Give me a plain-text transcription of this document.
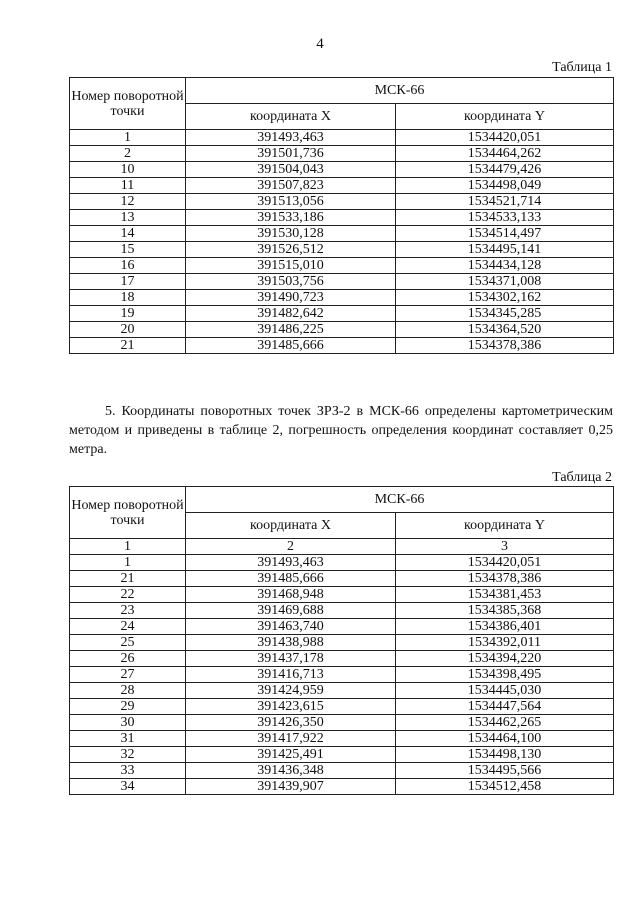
4
Таблица 1
Номер поворотной точки	МСК-66	
	координата X	координата Y
1	391493,463	1534420,051
2	391501,736	1534464,262
10	391504,043	1534479,426
11	391507,823	1534498,049
12	391513,056	1534521,714
13	391533,186	1534533,133
14	391530,128	1534514,497
15	391526,512	1534495,141
16	391515,010	1534434,128
17	391503,756	1534371,008
18	391490,723	1534302,162
19	391482,642	1534345,285
20	391486,225	1534364,520
21	391485,666	1534378,386
5. Координаты поворотных точек ЗРЗ-2 в МСК-66 определены картометрическим методом и приведены в таблице 2, погрешность определения координат составляет 0,25 метра.
Таблица 2
Номер поворотной точки	МСК-66	
	координата X	координата Y
1	2	3
1	391493,463	1534420,051
21	391485,666	1534378,386
22	391468,948	1534381,453
23	391469,688	1534385,368
24	391463,740	1534386,401
25	391438,988	1534392,011
26	391437,178	1534394,220
27	391416,713	1534398,495
28	391424,959	1534445,030
29	391423,615	1534447,564
30	391426,350	1534462,265
31	391417,922	1534464,100
32	391425,491	1534498,130
33	391436,348	1534495,566
34	391439,907	1534512,458
